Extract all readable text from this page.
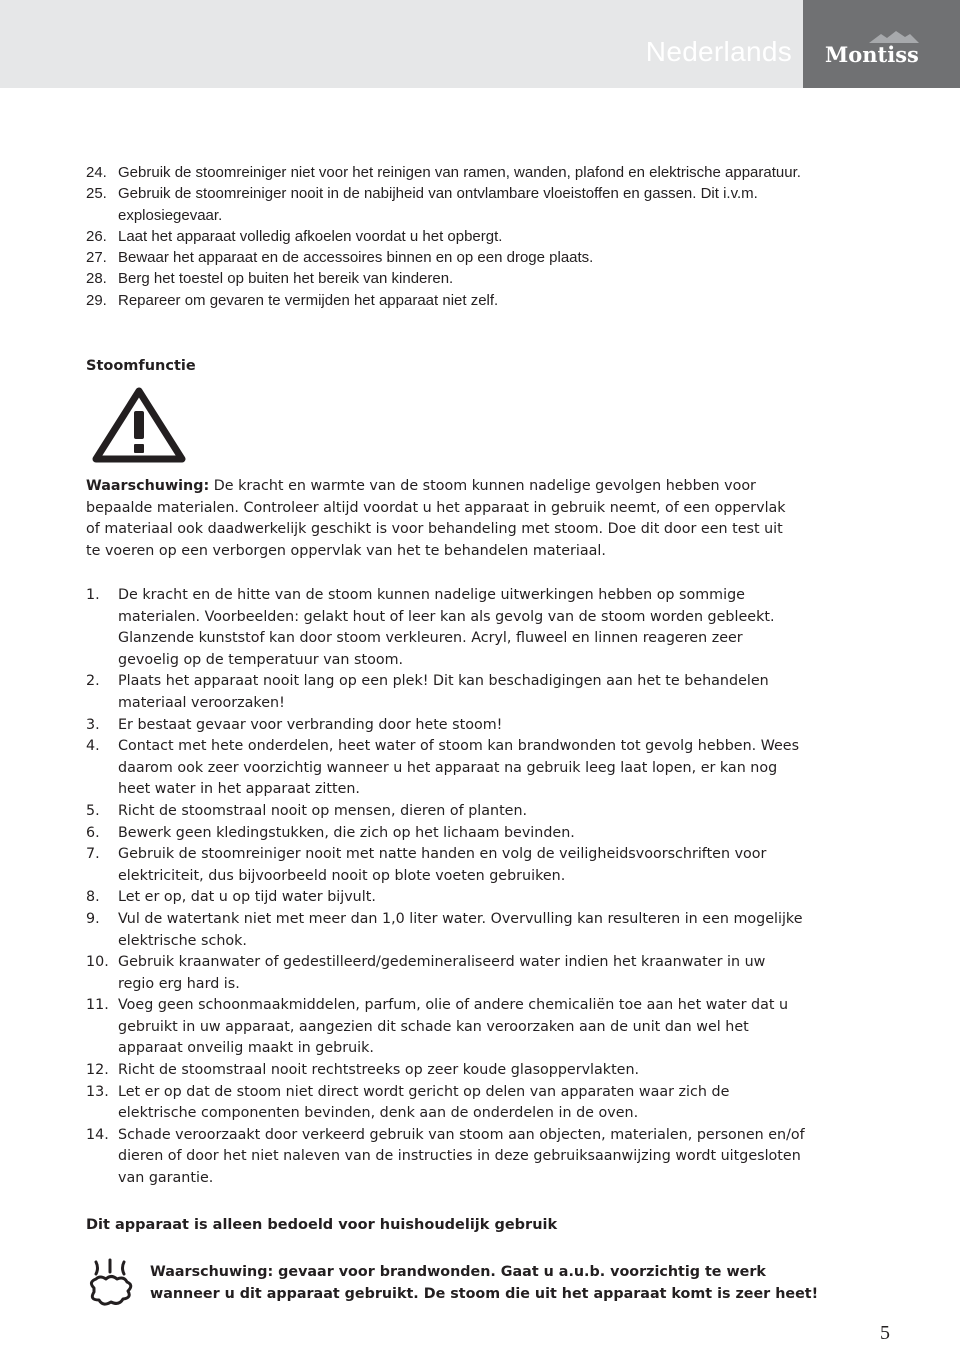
Nederlands Montiss
24. Gebruik de stoomreiniger niet voor het reinigen van ramen, wanden, plafond en elektrische apparatuur.
25. Gebruik de stoomreiniger nooit in de nabijheid van ontvlambare vloeistoffen en gassen. Dit i.v.m. explosiegevaar.
26. Laat het apparaat volledig afkoelen voordat u het opbergt.
27. Bewaar het apparaat en de accessoires binnen en op een droge plaats.
28. Berg het toestel op buiten het bereik van kinderen.
29. Repareer om gevaren te vermijden het apparaat niet zelf.
Stoomfunctie
Waarschuwing: De kracht en warmte van de stoom kunnen nadelige gevolgen hebben voor bepaalde materialen. Controleer altijd voordat u het apparaat in gebruik neemt, of een oppervlak of materiaal ook daadwerkelijk geschikt is voor behandeling met stoom. Doe dit door een test uit te voeren op een verborgen oppervlak van het te behandelen materiaal.
1. De kracht en de hitte van de stoom kunnen nadelige uitwerkingen hebben op sommige materialen. Voorbeelden: gelakt hout of leer kan als gevolg van de stoom worden gebleekt. Glanzende kunststof kan door stoom verkleuren. Acryl, fluweel en linnen reageren zeer gevoelig op de temperatuur van stoom.
2. Plaats het apparaat nooit lang op een plek! Dit kan beschadigingen aan het te behandelen materiaal veroorzaken!
3. Er bestaat gevaar voor verbranding door hete stoom!
4. Contact met hete onderdelen, heet water of stoom kan brandwonden tot gevolg hebben. Wees daarom ook zeer voorzichtig wanneer u het apparaat na gebruik leeg laat lopen, er kan nog heet water in het apparaat zitten.
5. Richt de stoomstraal nooit op mensen, dieren of planten.
6. Bewerk geen kledingstukken, die zich op het lichaam bevinden.
7. Gebruik de stoomreiniger nooit met natte handen en volg de veiligheidsvoorschriften voor elektriciteit, dus bijvoorbeeld nooit op blote voeten gebruiken.
8. Let er op, dat u op tijd water bijvult.
9. Vul de watertank niet met meer dan 1,0 liter water. Overvulling kan resulteren in een mogelijke elektrische schok.
10. Gebruik kraanwater of gedestilleerd/gedemineraliseerd water indien het kraanwater in uw regio erg hard is.
11. Voeg geen schoonmaakmiddelen, parfum, olie of andere chemicaliën toe aan het water dat u gebruikt in uw apparaat, aangezien dit schade kan veroorzaken aan de unit dan wel het apparaat onveilig maakt in gebruik.
12. Richt de stoomstraal nooit rechtstreeks op zeer koude glasoppervlakten.
13. Let er op dat de stoom niet direct wordt gericht op delen van apparaten waar zich de elektrische componenten bevinden, denk aan de onderdelen in de oven.
14. Schade veroorzaakt door verkeerd gebruik van stoom aan objecten, materialen, personen en/of dieren of door het niet naleven van de instructies in deze gebruiksaanwijzing wordt uitgesloten van garantie.
Dit apparaat is alleen bedoeld voor huishoudelijk gebruik
Waarschuwing: gevaar voor brandwonden. Gaat u a.u.b. voorzichtig te werk wanneer u dit apparaat gebruikt. De stoom die uit het apparaat komt is zeer heet!
5
